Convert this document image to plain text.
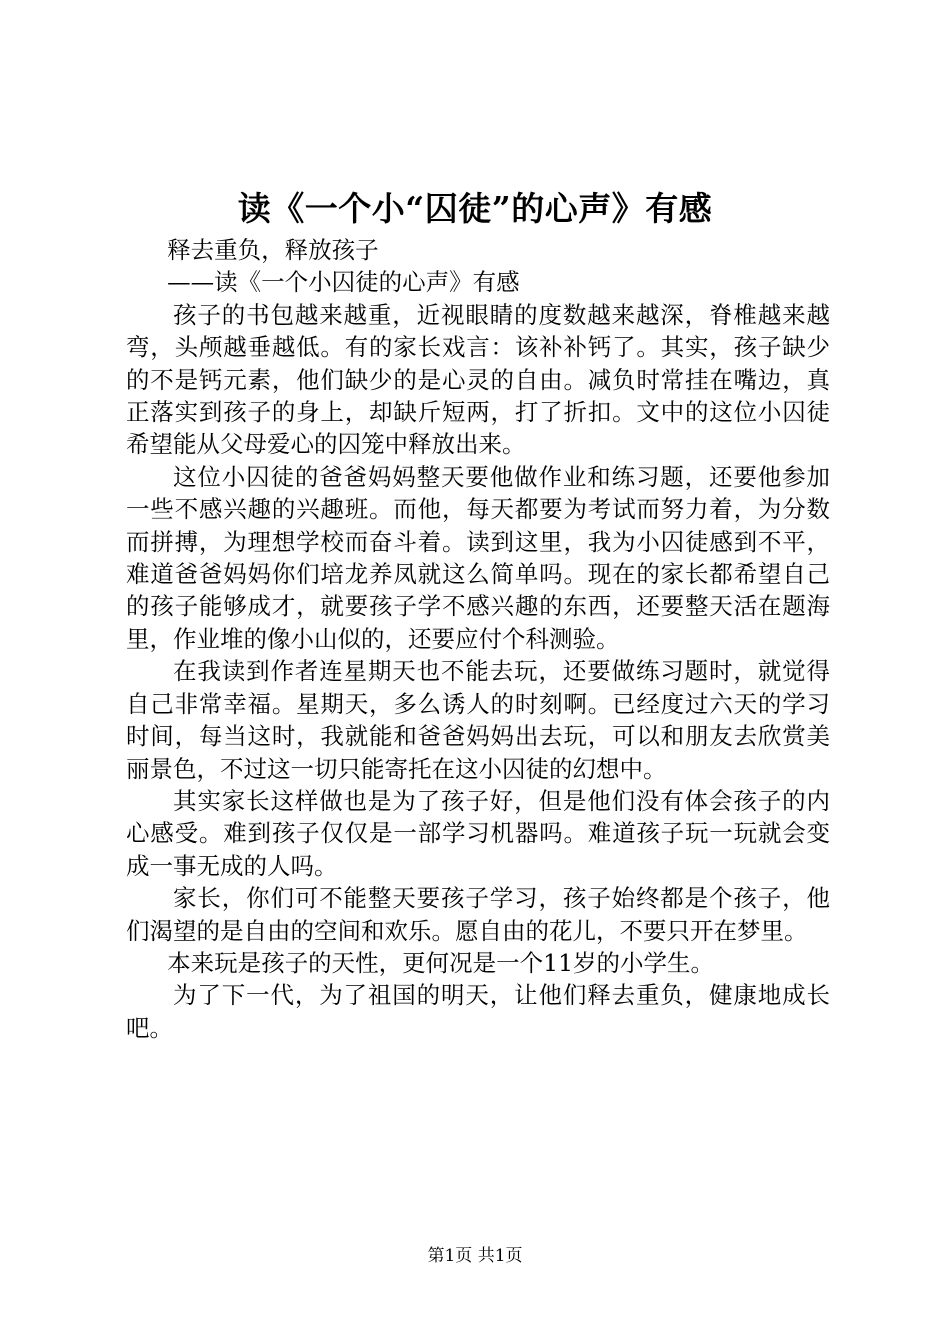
读《一个小“囚徒”的心声》有感

释去重负，释放孩子

——读《一个小囚徒的心声》有感

孩子的书包越来越重，近视眼睛的度数越来越深，脊椎越来越弯，头颅越垂越低。有的家长戏言：该补补钙了。其实，孩子缺少的不是钙元素，他们缺少的是心灵的自由。减负时常挂在嘴边，真正落实到孩子的身上，却缺斤短两，打了折扣。文中的这位小囚徒希望能从父母爱心的囚笼中释放出来。

这位小囚徒的爸爸妈妈整天要他做作业和练习题，还要他参加一些不感兴趣的兴趣班。而他，每天都要为考试而努力着，为分数而拼搏，为理想学校而奋斗着。读到这里，我为小囚徒感到不平，难道爸爸妈妈你们培龙养凤就这么简单吗。现在的家长都希望自己的孩子能够成才，就要孩子学不感兴趣的东西，还要整天活在题海里，作业堆的像小山似的，还要应付个科测验。

在我读到作者连星期天也不能去玩，还要做练习题时，就觉得自己非常幸福。星期天，多么诱人的时刻啊。已经度过六天的学习时间，每当这时，我就能和爸爸妈妈出去玩，可以和朋友去欣赏美丽景色，不过这一切只能寄托在这小囚徒的幻想中。

其实家长这样做也是为了孩子好，但是他们没有体会孩子的内心感受。难到孩子仅仅是一部学习机器吗。难道孩子玩一玩就会变成一事无成的人吗。

家长，你们可不能整天要孩子学习，孩子始终都是个孩子，他们渴望的是自由的空间和欢乐。愿自由的花儿，不要只开在梦里。

本来玩是孩子的天性，更何况是一个11岁的小学生。

为了下一代，为了祖国的明天，让他们释去重负，健康地成长吧。

第1页 共1页
